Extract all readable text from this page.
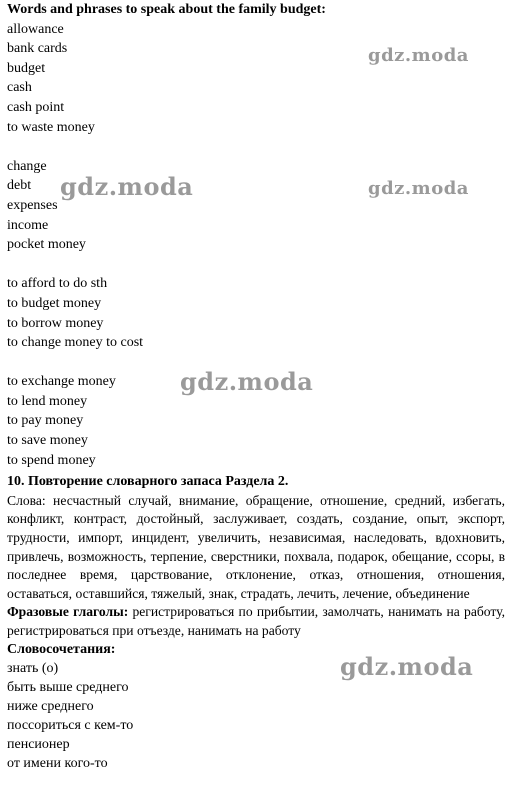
Words and phrases to speak about the family budget:
allowance
bank cards
budget
cash
cash point
to waste money
change
debt
expenses
income
pocket money
to afford to do sth
to budget money
to borrow money
to change money to cost
to exchange money
to lend money
to pay money
to save money
to spend money
10. Повторение словарного запаса Раздела 2.
Слова: несчастный случай, внимание, обращение, отношение, средний, избегать, конфликт, контраст, достойный, заслуживает, создать, создание, опыт, экспорт, трудности, импорт, инцидент, увеличить, независимая, наследовать, вдохновить, привлечь, возможность, терпение, сверстники, похвала, подарок, обещание, ссоры, в последнее время, царствование, отклонение, отказ, отношения, отношения, оставаться, оставшийся, тяжелый, знак, страдать, лечить, лечение, объединение
Фразовые глаголы: регистрироваться по прибытии, замолчать, нанимать на работу, регистрироваться при отъезде, нанимать на работу
Словосочетания:
знать (о)
быть выше среднего
ниже среднего
поссориться с кем-то
пенсионер
от имени кого-то
gdz.moda
gdz.moda
gdz.moda
gdz.moda
gdz.moda
